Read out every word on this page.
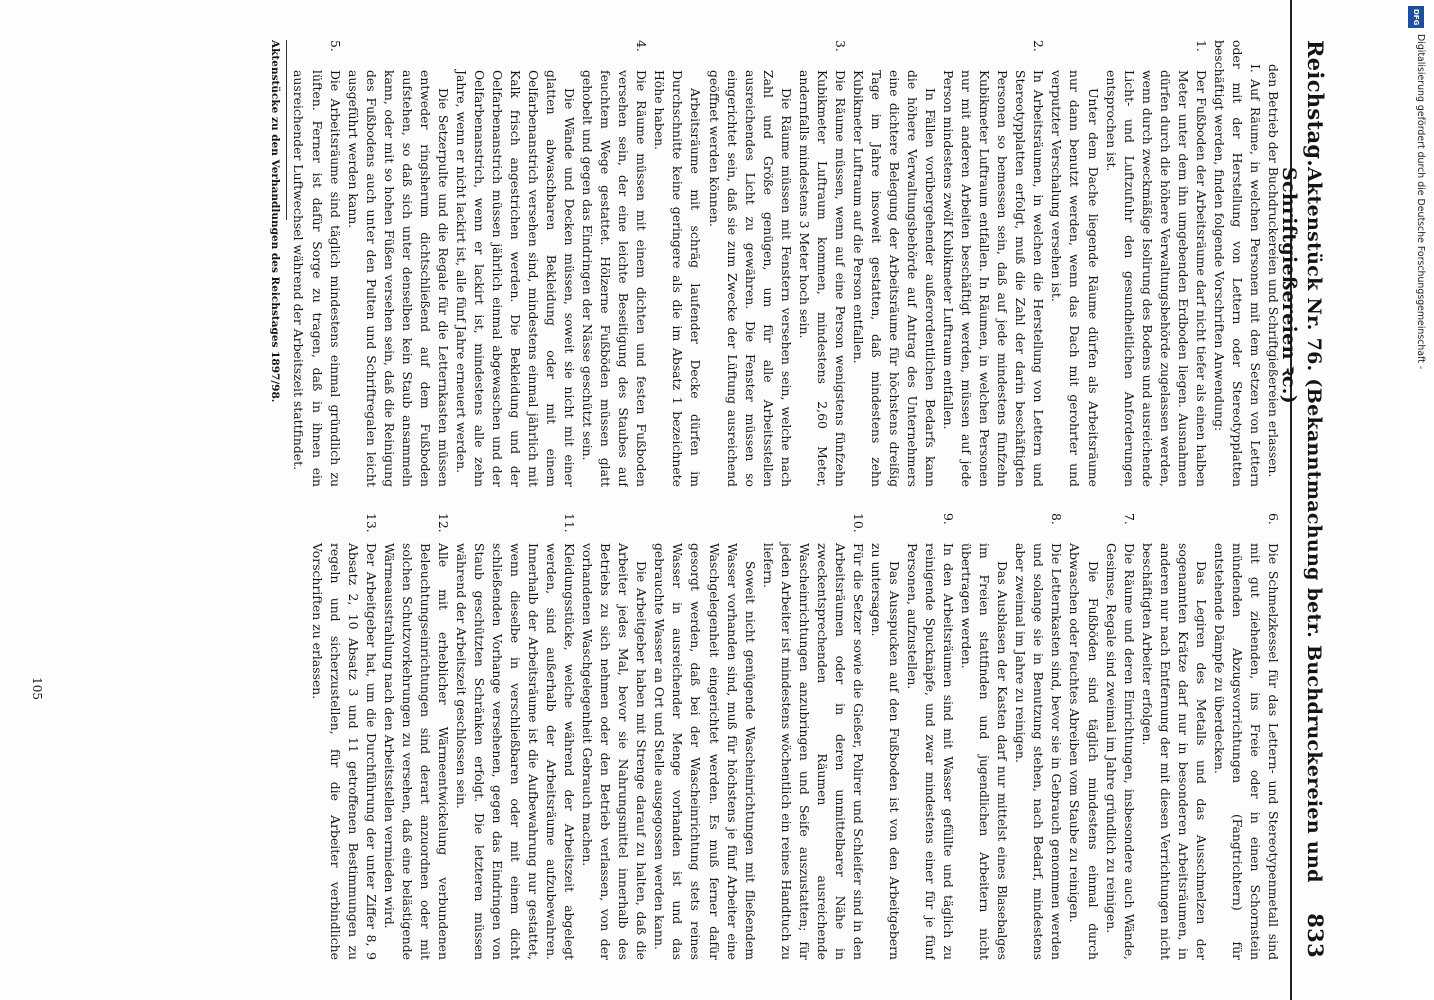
Reichstag.
Aktenstück Nr. 76. (Bekanntmachung betr. Buchdruckereien und Schriftgießereien ꝛc.)
833

den Betrieb der Buchdruckereien und Schriftgießereien erlassen.

I. Auf Räume, in welchen Personen mit dem Setzen von Lettern oder mit der Herstellung von Lettern oder Stereotypplatten beschäftigt werden, finden folgende Vorschriften Anwendung:

1.
Der Fußboden der Arbeitsräume darf nicht tiefer als einen halben Meter unter dem ihn umgebenden Erdboden liegen. Ausnahmen dürfen durch die höhere Verwaltungsbehörde zugelassen werden, wenn durch zweckmäßige Isolirung des Bodens und ausreichende Licht- und Luftzufuhr den gesundheitlichen Anforderungen entsprochen ist.

Unter dem Dache liegende Räume dürfen als Arbeitsräume nur dann benutzt werden, wenn das Dach mit gerohrter und verputzter Verschalung versehen ist.

2.
In Arbeitsräumen, in welchen die Herstellung von Lettern und Stereotypplatten erfolgt, muß die Zahl der darin beschäftigten Personen so bemessen sein, daß auf jede mindestens fünfzehn Kubikmeter Luftraum entfallen. In Räumen, in welchen Personen nur mit anderen Arbeiten beschäftigt werden, müssen auf jede Person mindestens zwölf Kubikmeter Luftraum entfallen.

In Fällen vorübergehender außerordentlichen Bedarfs kann die höhere Verwaltungsbehörde auf Antrag des Unternehmers eine dichtere Belegung der Arbeitsräume für höchstens dreißig Tage im Jahre insoweit gestatten, daß mindestens zehn Kubikmeter Luftraum auf die Person entfallen.

3.
Die Räume müssen, wenn auf eine Person wenigstens fünfzehn Kubikmeter Luftraum kommen, mindestens 2,60 Meter, andernfalls mindestens 3 Meter hoch sein.

Die Räume müssen mit Fenstern versehen sein, welche nach Zahl und Größe genügen, um für alle Arbeitsstellen ausreichendes Licht zu gewähren. Die Fenster müssen so eingerichtet sein, daß sie zum Zwecke der Lüftung ausreichend geöffnet werden können.

Arbeitsräume mit schräg laufender Decke dürfen im Durchschnitte keine geringere als die im Absatz 1 bezeichnete Höhe haben.

4.
Die Räume müssen mit einem dichten und festen Fußboden versehen sein, der eine leichte Beseitigung des Staubes auf feuchtem Wege gestattet. Hölzerne Fußböden müssen glatt gehobelt und gegen das Eindringen der Nässe geschützt sein.

Die Wände und Decken müssen, soweit sie nicht mit einer glatten abwaschbaren Bekleidung oder mit einem Oelfarbenanstrich versehen sind, mindestens einmal jährlich mit Kalk frisch angestrichen werden. Die Bekleidung und der Oelfarbenanstrich müssen jährlich einmal abgewaschen und der Oelfarbenanstrich, wenn er lackirt ist, mindestens alle zehn Jahre, wenn er nicht lackirt ist, alle fünf Jahre erneuert werden.

Die Setzerpulte und die Regale für die Letternkasten müssen entweder ringsherum dichtschließend auf dem Fußboden aufstehen, so daß sich unter denselben kein Staub ansammeln kann, oder mit so hohen Füßen versehen sein, daß die Reinigung des Fußbodens auch unter den Pulten und Schriftregalen leicht ausgeführt werden kann.

5.
Die Arbeitsräume sind täglich mindestens einmal gründlich zu lüften. Ferner ist dafür Sorge zu tragen, daß in ihnen ein ausreichender Luftwechsel während der Arbeitszeit stattfindet.

Aktenstücke zu den Verhandlungen des Reichstages 1897/98.

6.
Die Schmelzkessel für das Lettern- und Stereotypenmetall sind mit gut ziehenden, ins Freie oder in einen Schornstein mündenden Abzugsvorrichtungen (Fangtrichtern) für entstehende Dämpfe zu überdecken.

Das Legiren des Metalls und das Ausschmelzen der sogenannten Krätze darf nur in besonderen Arbeitsräumen, in anderen nur nach Entfernung der mit diesen Verrichtungen nicht beschäftigten Arbeiter erfolgen.

7.
Die Räume und deren Einrichtungen, insbesondere auch Wände, Gesimse, Regale sind zweimal im Jahre gründlich zu reinigen.

Die Fußböden sind täglich mindestens einmal durch Abwaschen oder feuchtes Abreiben vom Staube zu reinigen.

8.
Die Letternkasten sind, bevor sie in Gebrauch genommen werden und solange sie in Benutzung stehen, nach Bedarf, mindestens aber zweimal im Jahre zu reinigen.

Das Ausblasen der Kasten darf nur mittelst eines Blasebalges im Freien stattfinden und jugendlichen Arbeitern nicht übertragen werden.

9.
In den Arbeitsräumen sind mit Wasser gefüllte und täglich zu reinigende Spucknäpfe, und zwar mindestens einer für je fünf Personen, aufzustellen.

Das Ausspucken auf den Fußboden ist von den Arbeitgebern zu untersagen.

10.
Für die Setzer sowie die Gießer, Polirer und Schleifer sind in den Arbeitsräumen oder in deren unmittelbarer Nähe in zweckentsprechenden Räumen ausreichende Wascheinrichtungen anzubringen und Seife auszustatten; für jeden Arbeiter ist mindestens wöchentlich ein reines Handtuch zu liefern.

Soweit nicht genügende Wascheinrichtungen mit fließendem Wasser vorhanden sind, muß für höchstens je fünf Arbeiter eine Waschgelegenheit eingerichtet werden. Es muß ferner dafür gesorgt werden, daß bei der Wascheinrichtung stets reines Wasser in ausreichender Menge vorhanden ist und das gebrauchte Wasser an Ort und Stelle ausgegossen werden kann.

Die Arbeitgeber haben mit Strenge darauf zu halten, daß die Arbeiter jedes Mal, bevor sie Nahrungsmittel innerhalb des Betriebs zu sich nehmen oder den Betrieb verlassen, von der vorhandenen Waschgelegenheit Gebrauch machen.

11.
Kleidungsstücke, welche während der Arbeitszeit abgelegt werden, sind außerhalb der Arbeitsräume aufzubewahren. Innerhalb der Arbeitsräume ist die Aufbewahrung nur gestattet, wenn dieselbe in verschließbaren oder mit einem dicht schließenden Vorhange versehenen, gegen das Eindringen von Staub geschützten Schränken erfolgt. Die letzteren müssen während der Arbeitszeit geschlossen sein.
12.
Alle mit erheblicher Wärmeentwickelung verbundenen Beleuchtungseinrichtungen sind derart anzuordnen oder mit solchen Schutzvorkehrungen zu versehen, daß eine belästigende Wärmeausstrahlung nach den Arbeitsstellen vermieden wird.
13.
Der Arbeitgeber hat, um die Durchführung der unter Ziffer 8, 9 Absatz 2, 10 Absatz 3 und 11 getroffenen Bestimmungen zu regeln und sicherzustellen, für die Arbeiter verbindliche Vorschriften zu erlassen.
105
DFG
Digitalisierung gefördert durch die Deutsche Forschungsgemeinschaft -
